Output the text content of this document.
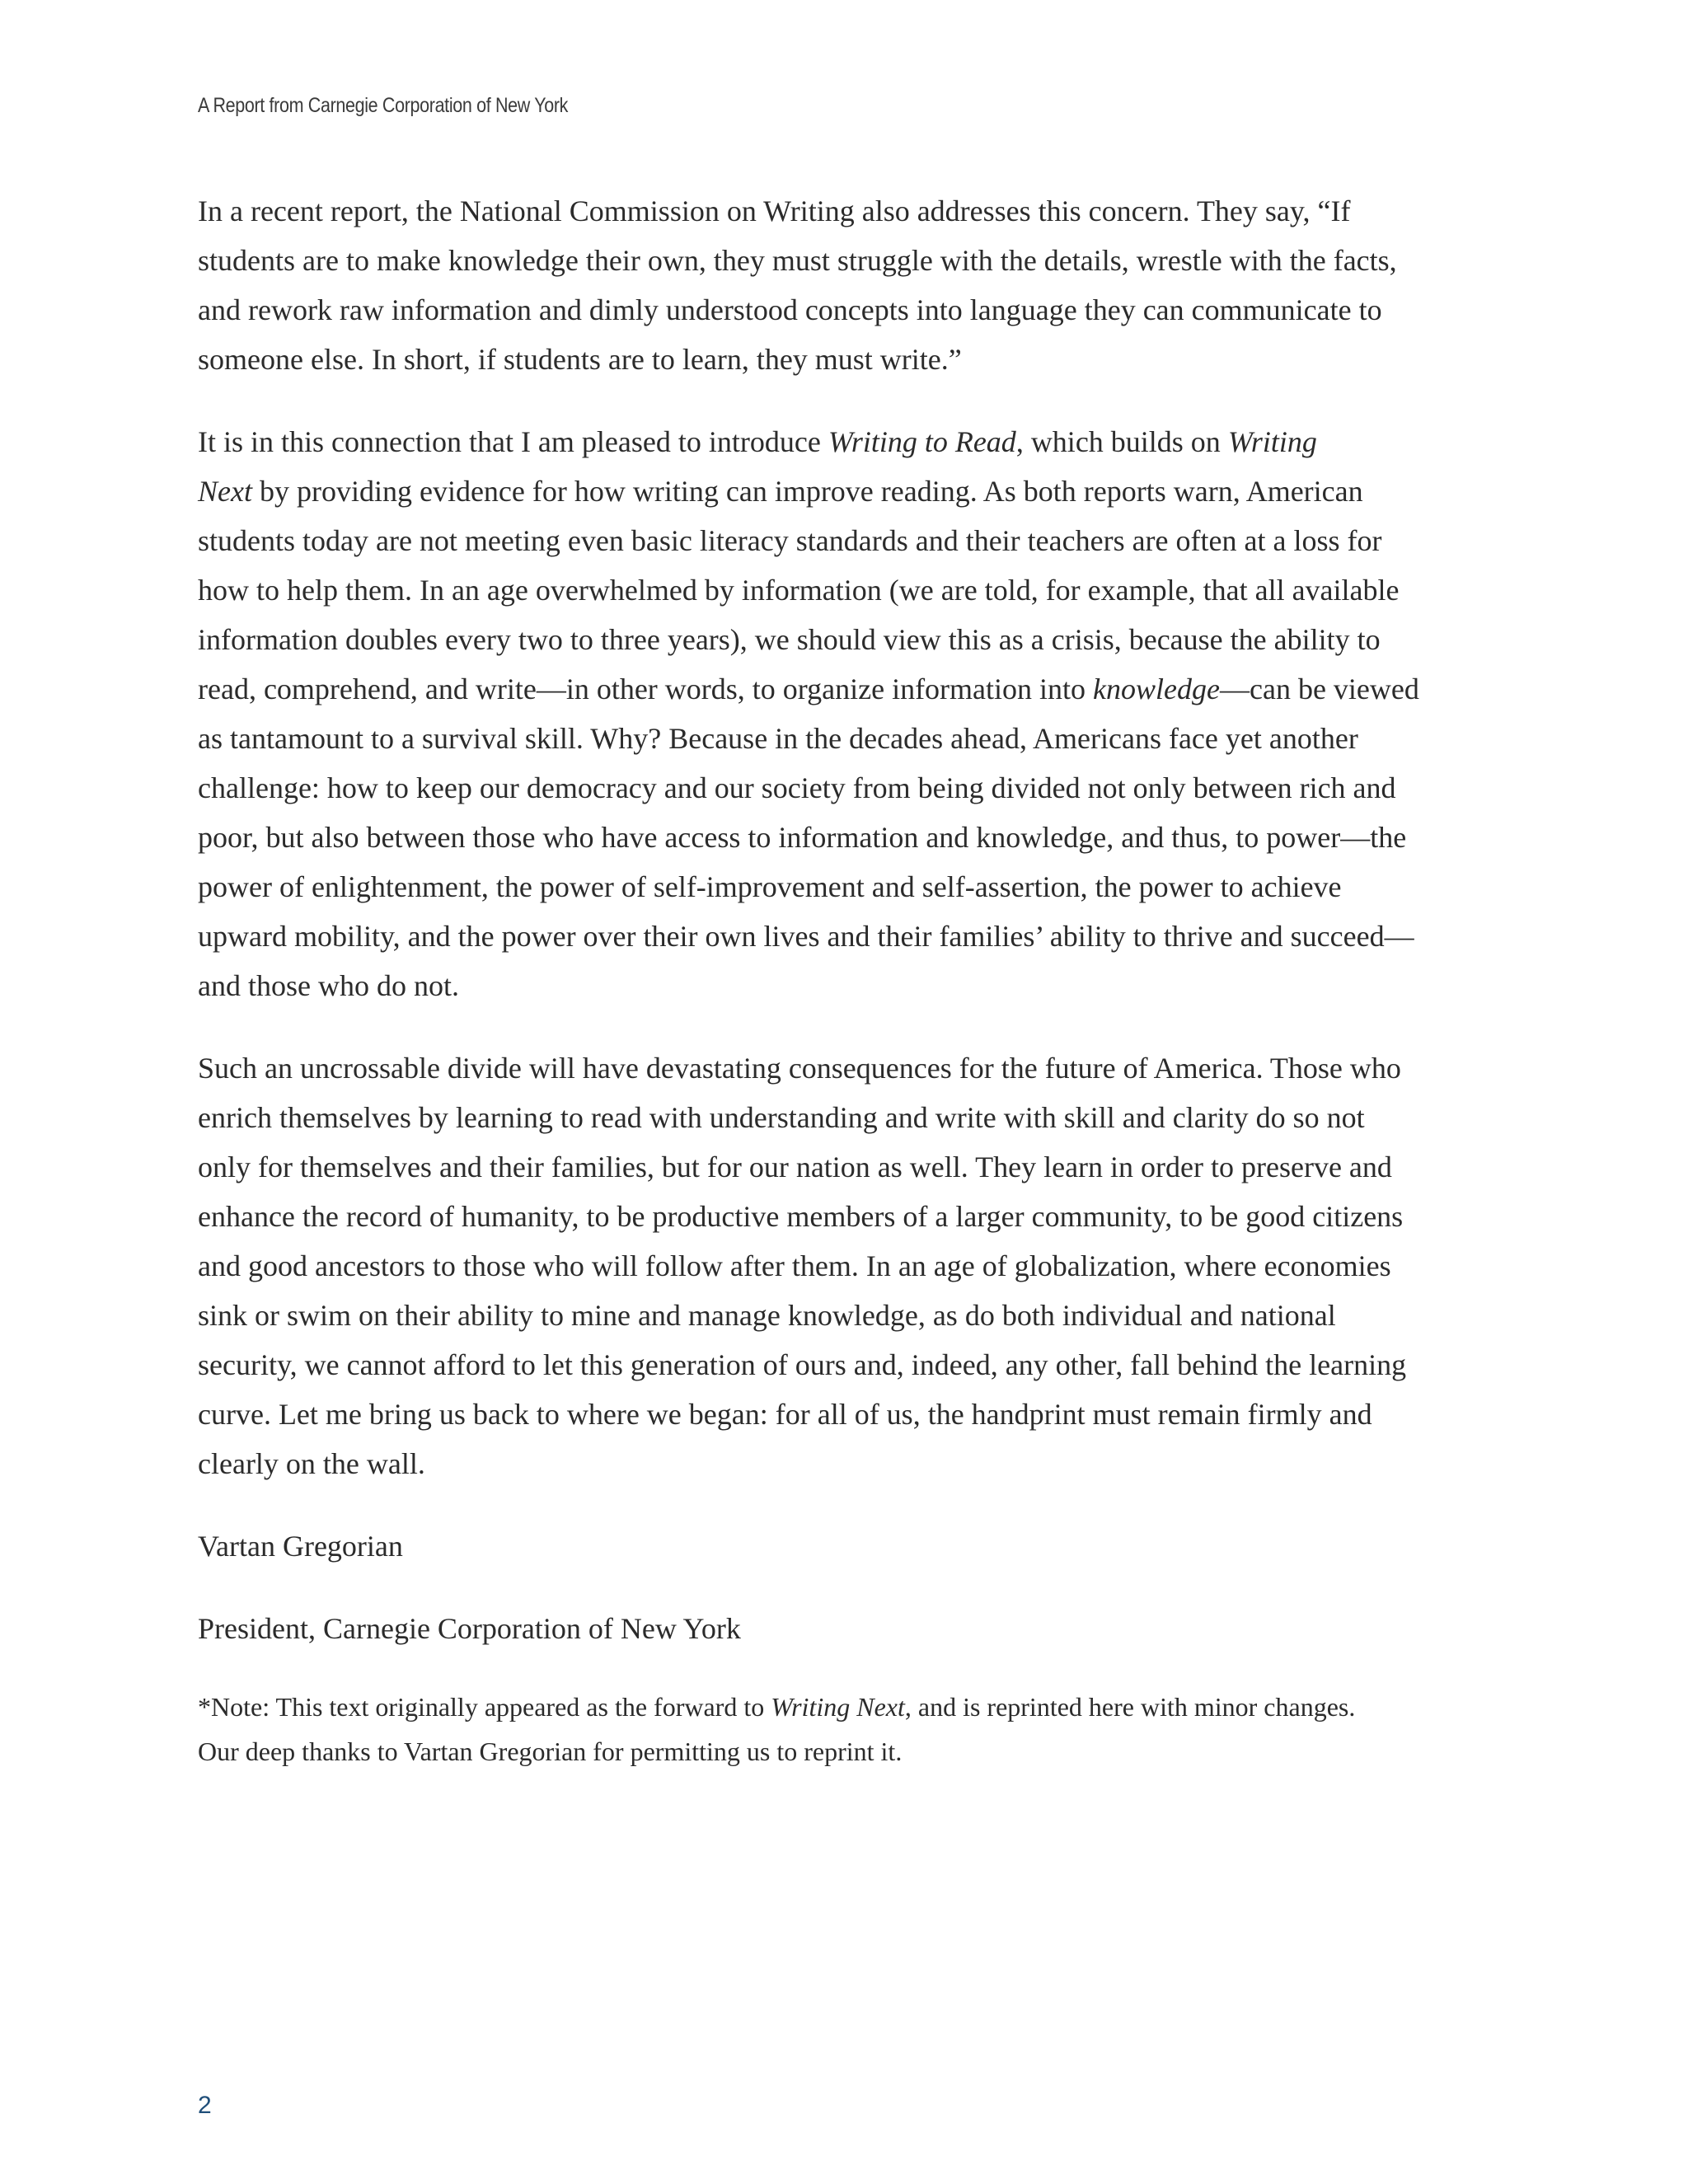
A Report from Carnegie Corporation of New York

In a recent report, the National Commission on Writing also addresses this concern. They say, “If
students are to make knowledge their own, they must struggle with the details, wrestle with the facts,
and rework raw information and dimly understood concepts into language they can communicate to
someone else. In short, if students are to learn, they must write.”

It is in this connection that I am pleased to introduce Writing to Read, which builds on Writing
Next by providing evidence for how writing can improve reading. As both reports warn, American
students today are not meeting even basic literacy standards and their teachers are often at a loss for
how to help them. In an age overwhelmed by information (we are told, for example, that all available
information doubles every two to three years), we should view this as a crisis, because the ability to
read, comprehend, and write—in other words, to organize information into knowledge—can be viewed
as tantamount to a survival skill. Why? Because in the decades ahead, Americans face yet another
challenge: how to keep our democracy and our society from being divided not only between rich and
poor, but also between those who have access to information and knowledge, and thus, to power—the
power of enlightenment, the power of self-improvement and self-assertion, the power to achieve
upward mobility, and the power over their own lives and their families’ ability to thrive and succeed—
and those who do not.

Such an uncrossable divide will have devastating consequences for the future of America. Those who
enrich themselves by learning to read with understanding and write with skill and clarity do so not
only for themselves and their families, but for our nation as well. They learn in order to preserve and
enhance the record of humanity, to be productive members of a larger community, to be good citizens
and good ancestors to those who will follow after them. In an age of globalization, where economies
sink or swim on their ability to mine and manage knowledge, as do both individual and national
security, we cannot afford to let this generation of ours and, indeed, any other, fall behind the learning
curve. Let me bring us back to where we began: for all of us, the handprint must remain firmly and
clearly on the wall.

Vartan Gregorian

President, Carnegie Corporation of New York

*Note: This text originally appeared as the forward to Writing Next, and is reprinted here with minor changes.
Our deep thanks to Vartan Gregorian for permitting us to reprint it.
2
